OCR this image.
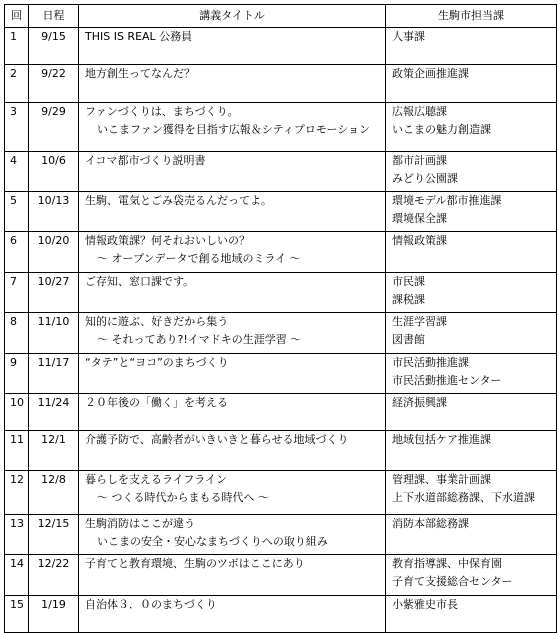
回	日程	講義タイトル	生駒市担当課
1	9/15	THIS IS REAL 公務員	人事課

2	9/22	地方創生ってなんだ？	政策企画推進課

3	9/29	ファンづくりは、まちづくり。
いこまファン獲得を目指す広報＆シティプロモーション	広報広聴課
いこまの魅力創造課

4	10/6	イコマ都市づくり説明書	都市計画課
みどり公園課

5	10/13	生駒、電気とごみ袋売るんだってよ。	環境モデル都市推進課
環境保全課

6	10/20	情報政策課？何それおいしいの？
～ オープンデータで創る地域のミライ ～	情報政策課

7	10/27	ご存知、窓口課です。	市民課
課税課

8	11/10	知的に遊ぶ、好きだから集う
～ それってあり?!イマドキの生涯学習 ～	生涯学習課
図書館

9	11/17	“タテ”と“ヨコ”のまちづくり	市民活動推進課
市民活動推進センター

10	11/24	２０年後の「働く」を考える	経済振興課

11	12/1	介護予防で、高齢者がいきいきと暮らせる地域づくり	地域包括ケア推進課

12	12/8	暮らしを支えるライフライン
～ つくる時代からまもる時代へ ～	管理課、事業計画課
上下水道部総務課、下水道課

13	12/15	生駒消防はここが違う
いこまの安全・安心なまちづくりへの取り組み	消防本部総務課

14	12/22	子育てと教育環境、生駒のツボはここにあり	教育指導課、中保育園
子育て支援総合センター

15	1/19	自治体３．０のまちづくり	小紫雅史市長
